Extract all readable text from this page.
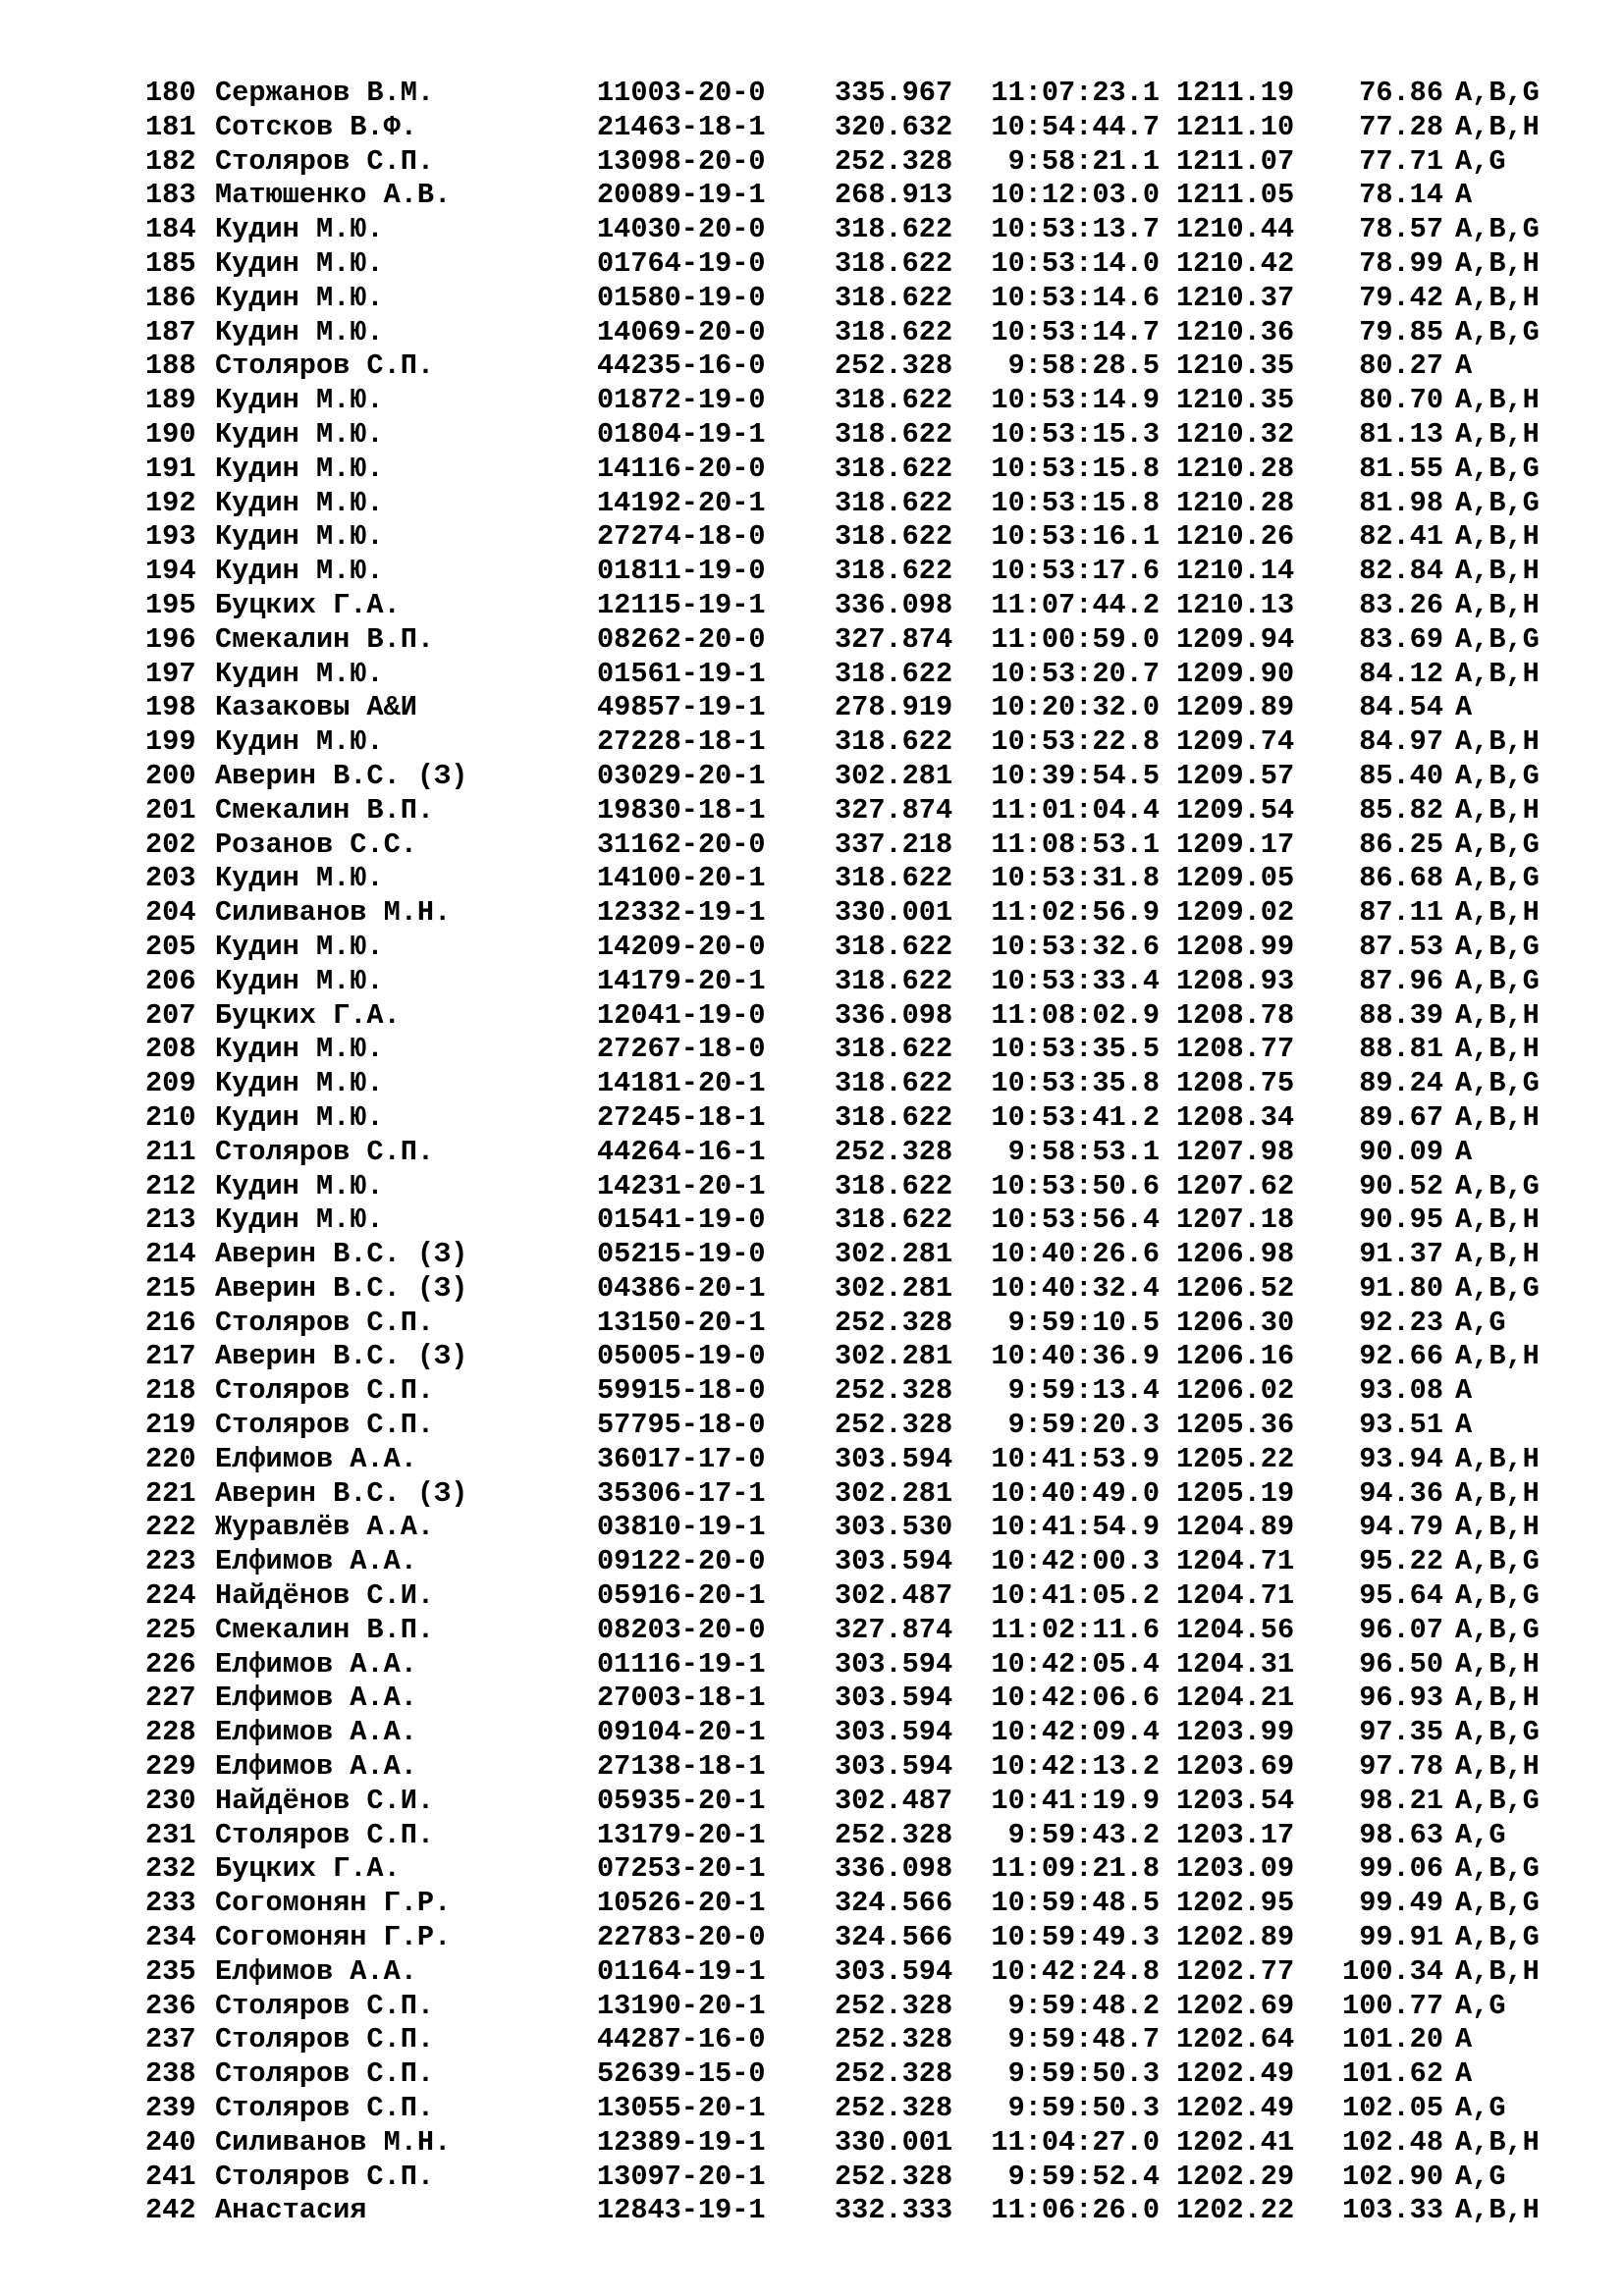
180 Сержанов В.М.	11003-20-0 335.967	11:07:23.1 1211.19	76.86 A,B,G
181 Сотсков В.Ф.	21463-18-1 320.632	10:54:44.7 1211.10	77.28 A,B,H
182 Столяров С.П.	13098-20-0 252.328	9:58:21.1 1211.07	77.71 A,G
183 Матюшенко А.В.	20089-19-1 268.913	10:12:03.0 1211.05	78.14 A
184 Кудин М.Ю.	14030-20-0 318.622	10:53:13.7 1210.44	78.57 A,B,G
185 Кудин М.Ю.	01764-19-0 318.622	10:53:14.0 1210.42	78.99 A,B,H
186 Кудин М.Ю.	01580-19-0 318.622	10:53:14.6 1210.37	79.42 A,B,H
187 Кудин М.Ю.	14069-20-0 318.622	10:53:14.7 1210.36	79.85 A,B,G
188 Столяров С.П.	44235-16-0 252.328	9:58:28.5 1210.35	80.27 A
189 Кудин М.Ю.	01872-19-0 318.622	10:53:14.9 1210.35	80.70 A,B,H
190 Кудин М.Ю.	01804-19-1 318.622	10:53:15.3 1210.32	81.13 A,B,H
191 Кудин М.Ю.	14116-20-0 318.622	10:53:15.8 1210.28	81.55 A,B,G
192 Кудин М.Ю.	14192-20-1 318.622	10:53:15.8 1210.28	81.98 A,B,G
193 Кудин М.Ю.	27274-18-0 318.622	10:53:16.1 1210.26	82.41 A,B,H
194 Кудин М.Ю.	01811-19-0 318.622	10:53:17.6 1210.14	82.84 A,B,H
195 Буцких Г.А.	12115-19-1 336.098	11:07:44.2 1210.13	83.26 A,B,H
196 Смекалин В.П.	08262-20-0 327.874	11:00:59.0 1209.94	83.69 A,B,G
197 Кудин М.Ю.	01561-19-1 318.622	10:53:20.7 1209.90	84.12 A,B,H
198 Казаковы А&И	49857-19-1 278.919	10:20:32.0 1209.89	84.54 A
199 Кудин М.Ю.	27228-18-1 318.622	10:53:22.8 1209.74	84.97 A,B,H
200 Аверин В.С. (З)	03029-20-1 302.281	10:39:54.5 1209.57	85.40 A,B,G
201 Смекалин В.П.	19830-18-1 327.874	11:01:04.4 1209.54	85.82 A,B,H
202 Розанов С.С.	31162-20-0 337.218	11:08:53.1 1209.17	86.25 A,B,G
203 Кудин М.Ю.	14100-20-1 318.622	10:53:31.8 1209.05	86.68 A,B,G
204 Силиванов М.Н.	12332-19-1 330.001	11:02:56.9 1209.02	87.11 A,B,H
205 Кудин М.Ю.	14209-20-0 318.622	10:53:32.6 1208.99	87.53 A,B,G
206 Кудин М.Ю.	14179-20-1 318.622	10:53:33.4 1208.93	87.96 A,B,G
207 Буцких Г.А.	12041-19-0 336.098	11:08:02.9 1208.78	88.39 A,B,H
208 Кудин М.Ю.	27267-18-0 318.622	10:53:35.5 1208.77	88.81 A,B,H
209 Кудин М.Ю.	14181-20-1 318.622	10:53:35.8 1208.75	89.24 A,B,G
210 Кудин М.Ю.	27245-18-1 318.622	10:53:41.2 1208.34	89.67 A,B,H
211 Столяров С.П.	44264-16-1 252.328	9:58:53.1 1207.98	90.09 A
212 Кудин М.Ю.	14231-20-1 318.622	10:53:50.6 1207.62	90.52 A,B,G
213 Кудин М.Ю.	01541-19-0 318.622	10:53:56.4 1207.18	90.95 A,B,H
214 Аверин В.С. (З)	05215-19-0 302.281	10:40:26.6 1206.98	91.37 A,B,H
215 Аверин В.С. (З)	04386-20-1 302.281	10:40:32.4 1206.52	91.80 A,B,G
216 Столяров С.П.	13150-20-1 252.328	9:59:10.5 1206.30	92.23 A,G
217 Аверин В.С. (З)	05005-19-0 302.281	10:40:36.9 1206.16	92.66 A,B,H
218 Столяров С.П.	59915-18-0 252.328	9:59:13.4 1206.02	93.08 A
219 Столяров С.П.	57795-18-0 252.328	9:59:20.3 1205.36	93.51 A
220 Елфимов А.А.	36017-17-0 303.594	10:41:53.9 1205.22	93.94 A,B,H
221 Аверин В.С. (З)	35306-17-1 302.281	10:40:49.0 1205.19	94.36 A,B,H
222 Журавлёв А.А.	03810-19-1 303.530	10:41:54.9 1204.89	94.79 A,B,H
223 Елфимов А.А.	09122-20-0 303.594	10:42:00.3 1204.71	95.22 A,B,G
224 Найдёнов С.И.	05916-20-1 302.487	10:41:05.2 1204.71	95.64 A,B,G
225 Смекалин В.П.	08203-20-0 327.874	11:02:11.6 1204.56	96.07 A,B,G
226 Елфимов А.А.	01116-19-1 303.594	10:42:05.4 1204.31	96.50 A,B,H
227 Елфимов А.А.	27003-18-1 303.594	10:42:06.6 1204.21	96.93 A,B,H
228 Елфимов А.А.	09104-20-1 303.594	10:42:09.4 1203.99	97.35 A,B,G
229 Елфимов А.А.	27138-18-1 303.594	10:42:13.2 1203.69	97.78 A,B,H
230 Найдёнов С.И.	05935-20-1 302.487	10:41:19.9 1203.54	98.21 A,B,G
231 Столяров С.П.	13179-20-1 252.328	9:59:43.2 1203.17	98.63 A,G
232 Буцких Г.А.	07253-20-1 336.098	11:09:21.8 1203.09	99.06 A,B,G
233 Согомонян Г.Р.	10526-20-1 324.566	10:59:48.5 1202.95	99.49 A,B,G
234 Согомонян Г.Р.	22783-20-0 324.566	10:59:49.3 1202.89	99.91 A,B,G
235 Елфимов А.А.	01164-19-1 303.594	10:42:24.8 1202.77	100.34 A,B,H
236 Столяров С.П.	13190-20-1 252.328	9:59:48.2 1202.69	100.77 A,G
237 Столяров С.П.	44287-16-0 252.328	9:59:48.7 1202.64	101.20 A
238 Столяров С.П.	52639-15-0 252.328	9:59:50.3 1202.49	101.62 A
239 Столяров С.П.	13055-20-1 252.328	9:59:50.3 1202.49	102.05 A,G
240 Силиванов М.Н.	12389-19-1 330.001	11:04:27.0 1202.41	102.48 A,B,H
241 Столяров С.П.	13097-20-1 252.328	9:59:52.4 1202.29	102.90 A,G
242 Анастасия	12843-19-1 332.333	11:06:26.0 1202.22	103.33 A,B,H
